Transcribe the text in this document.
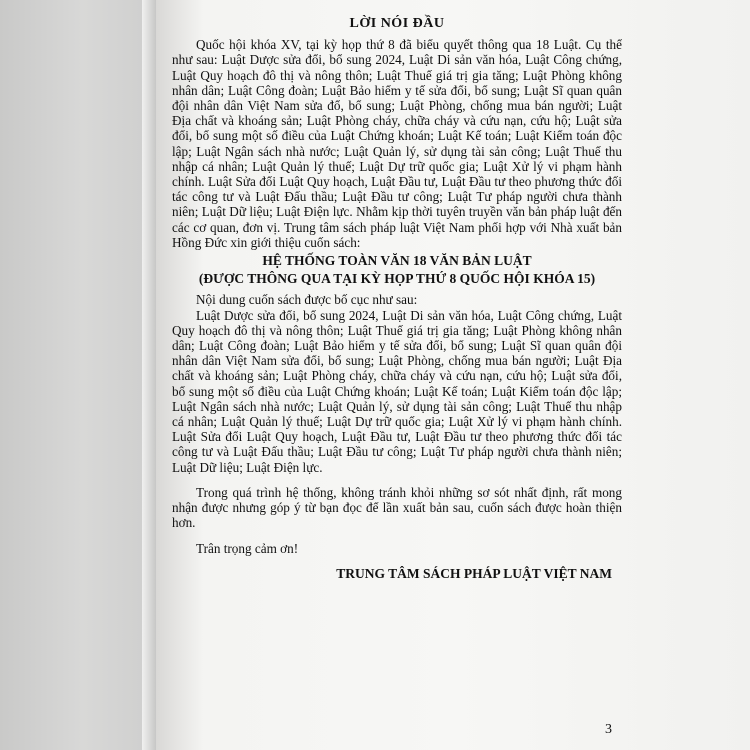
LỜI NÓI ĐẦU

Quốc hội khóa XV, tại kỳ họp thứ 8 đã biểu quyết thông qua 18 Luật. Cụ thể như sau: Luật Dược sửa đổi, bổ sung 2024, Luật Di sản văn hóa, Luật Công chứng, Luật Quy hoạch đô thị và nông thôn; Luật Thuế giá trị gia tăng; Luật Phòng không nhân dân; Luật Công đoàn; Luật Bảo hiểm y tế sửa đổi, bổ sung; Luật Sĩ quan quân đội nhân dân Việt Nam sửa đổ, bổ sung; Luật Phòng, chống mua bán người; Luật Địa chất và khoáng sản; Luật Phòng cháy, chữa cháy và cứu nạn, cứu hộ; Luật sửa đổi, bổ sung một số điều của Luật Chứng khoán; Luật Kế toán; Luật Kiểm toán độc lập; Luật Ngân sách nhà nước; Luật Quản lý, sử dụng tài sản công; Luật Thuế thu nhập cá nhân; Luật Quản lý thuế; Luật Dự trữ quốc gia; Luật Xử lý vi phạm hành chính. Luật Sửa đổi Luật Quy hoạch, Luật Đầu tư, Luật Đầu tư theo phương thức đối tác công tư và Luật Đấu thầu; Luật Đầu tư công; Luật Tư pháp người chưa thành niên; Luật Dữ liệu; Luật Điện lực. Nhằm kịp thời tuyên truyền văn bản pháp luật đến các cơ quan, đơn vị. Trung tâm sách pháp luật Việt Nam phối hợp với Nhà xuất bản Hồng Đức xin giới thiệu cuốn sách:

HỆ THỐNG TOÀN VĂN 18 VĂN BẢN LUẬT
(ĐƯỢC THÔNG QUA TẠI KỲ HỌP THỨ 8 QUỐC HỘI KHÓA 15)

Nội dung cuốn sách được bố cục như sau:

Luật Dược sửa đổi, bổ sung 2024, Luật Di sản văn hóa, Luật Công chứng, Luật Quy hoạch đô thị và nông thôn; Luật Thuế giá trị gia tăng; Luật Phòng không nhân dân; Luật Công đoàn; Luật Bảo hiểm y tế sửa đổi, bổ sung; Luật Sĩ quan quân đội nhân dân Việt Nam sửa đổi, bổ sung; Luật Phòng, chống mua bán người; Luật Địa chất và khoáng sản; Luật Phòng cháy, chữa cháy và cứu nạn, cứu hộ; Luật sửa đổi, bổ sung một số điều của Luật Chứng khoán; Luật Kế toán; Luật Kiểm toán độc lập; Luật Ngân sách nhà nước; Luật Quản lý, sử dụng tài sản công; Luật Thuế thu nhập cá nhân; Luật Quản lý thuế; Luật Dự trữ quốc gia; Luật Xử lý vi phạm hành chính. Luật Sửa đổi Luật Quy hoạch, Luật Đầu tư, Luật Đầu tư theo phương thức đối tác công tư và Luật Đấu thầu; Luật Đầu tư công; Luật Tư pháp người chưa thành niên; Luật Dữ liệu; Luật Điện lực.

Trong quá trình hệ thống, không tránh khỏi những sơ sót nhất định, rất mong nhận được nhưng góp ý từ bạn đọc để lần xuất bản sau, cuốn sách được hoàn thiện hơn.

Trân trọng cảm ơn!

TRUNG TÂM SÁCH PHÁP LUẬT VIỆT NAM
3
